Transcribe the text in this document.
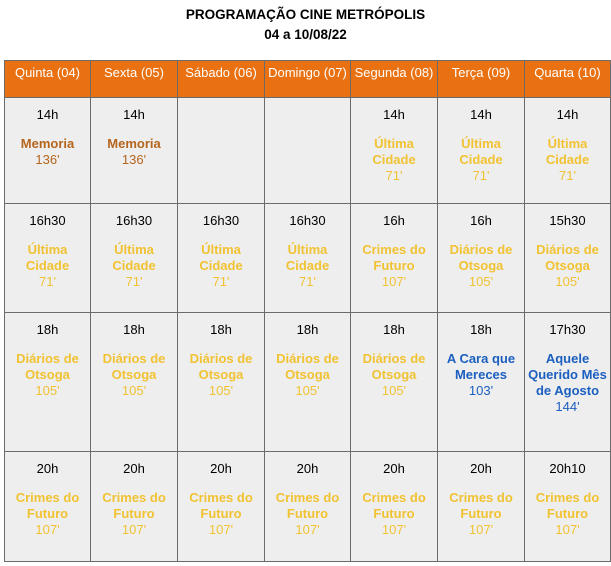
PROGRAMAÇÃO CINE METRÓPOLIS
04 a 10/08/22
Quinta (04)	Sexta (05)	Sábado (06)	Domingo (07)	Segunda (08)	Terça (09)	Quarta (10)

14h
Memoria
136'	14h
Memoria
136'			14h
Última Cidade
71'	14h
Última Cidade
71'	14h
Última Cidade
71'

16h30
Última Cidade
71'	16h30
Última Cidade
71'	16h30
Última Cidade
71'	16h30
Última Cidade
71'	16h
Crimes do Futuro
107'	16h
Diários de Otsoga
105'	15h30
Diários de Otsoga
105'

18h
Diários de Otsoga
105'	18h
Diários de Otsoga
105'	18h
Diários de Otsoga
105'	18h
Diários de Otsoga
105'	18h
Diários de Otsoga
105'	18h
A Cara que Mereces
103'	17h30
Aquele Querido Mês de Agosto
144'

20h
Crimes do Futuro
107'	20h
Crimes do Futuro
107'	20h
Crimes do Futuro
107'	20h
Crimes do Futuro
107'	20h
Crimes do Futuro
107'	20h
Crimes do Futuro
107'	20h10
Crimes do Futuro
107'
